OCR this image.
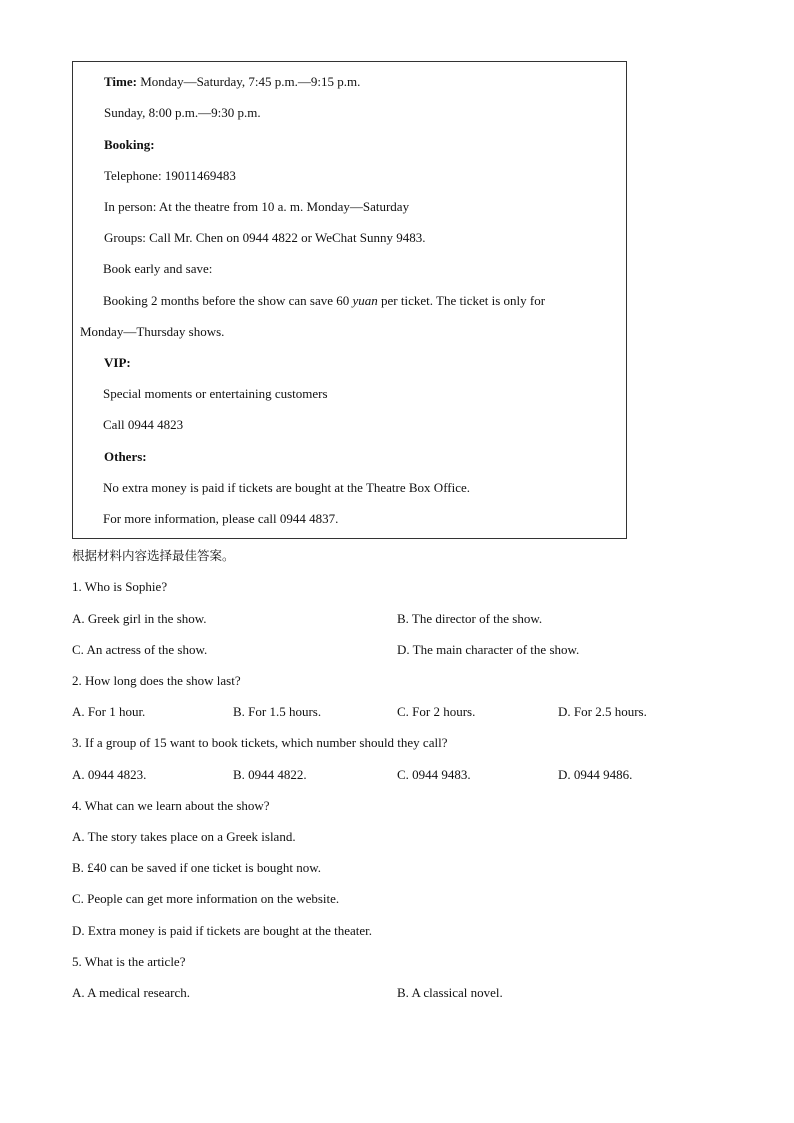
Time: Monday—Saturday, 7:45 p.m.—9:15 p.m.
Sunday, 8:00 p.m.—9:30 p.m.
Booking:
Telephone: 19011469483
In person: At the theatre from 10 a. m. Monday—Saturday
Groups: Call Mr. Chen on 0944 4822 or WeChat Sunny 9483.
Book early and save:
Booking 2 months before the show can save 60 yuan per ticket. The ticket is only for
Monday—Thursday shows.
VIP:
Special moments or entertaining customers
Call 0944 4823
Others:
No extra money is paid if tickets are bought at the Theatre Box Office.
For more information, please call 0944 4837.
根据材料内容选择最佳答案。
1. Who is Sophie?
A. Greek girl in the show.	B. The director of the show.
C. An actress of the show.	D. The main character of the show.
2. How long does the show last?
A. For 1 hour.	B. For 1.5 hours.	C. For 2 hours.	D. For 2.5 hours.
3. If a group of 15 want to book tickets, which number should they call?
A. 0944 4823.	B. 0944 4822.	C. 0944 9483.	D. 0944 9486.
4. What can we learn about the show?
A. The story takes place on a Greek island.
B. £40 can be saved if one ticket is bought now.
C. People can get more information on the website.
D. Extra money is paid if tickets are bought at the theater.
5. What is the article?
A. A medical research.	B. A classical novel.
